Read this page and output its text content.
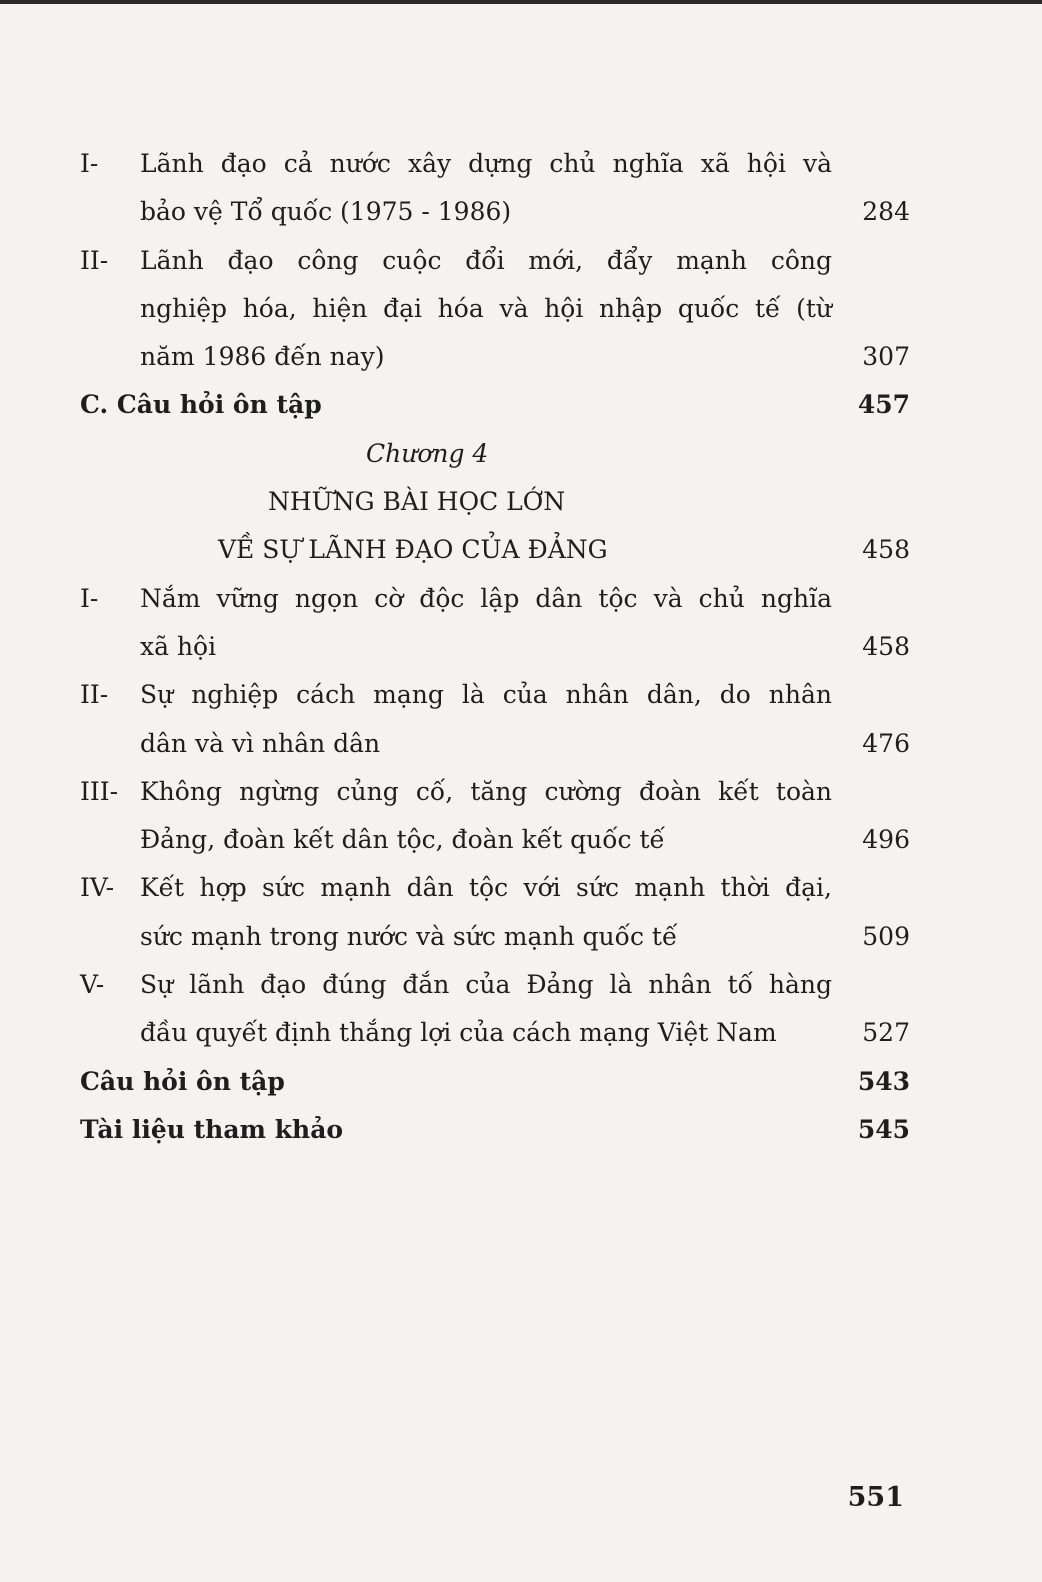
I- Lãnh đạo cả nước xây dựng chủ nghĩa xã hội và
bảo vệ Tổ quốc (1975 - 1986)	284
II- Lãnh đạo công cuộc đổi mới, đẩy mạnh công
nghiệp hóa, hiện đại hóa và hội nhập quốc tế (từ
năm 1986 đến nay)	307
C. Câu hỏi ôn tập	457
Chương 4
NHỮNG BÀI HỌC LỚN
VỀ SỰ LÃNH ĐẠO CỦA ĐẢNG	458
I- Nắm vững ngọn cờ độc lập dân tộc và chủ nghĩa
xã hội	458
II- Sự nghiệp cách mạng là của nhân dân, do nhân
dân và vì nhân dân	476
III- Không ngừng củng cố, tăng cường đoàn kết toàn
Đảng, đoàn kết dân tộc, đoàn kết quốc tế	496
IV- Kết hợp sức mạnh dân tộc với sức mạnh thời đại,
sức mạnh trong nước và sức mạnh quốc tế	509
V- Sự lãnh đạo đúng đắn của Đảng là nhân tố hàng
đầu quyết định thắng lợi của cách mạng Việt Nam	527
Câu hỏi ôn tập	543
Tài liệu tham khảo	545
551
